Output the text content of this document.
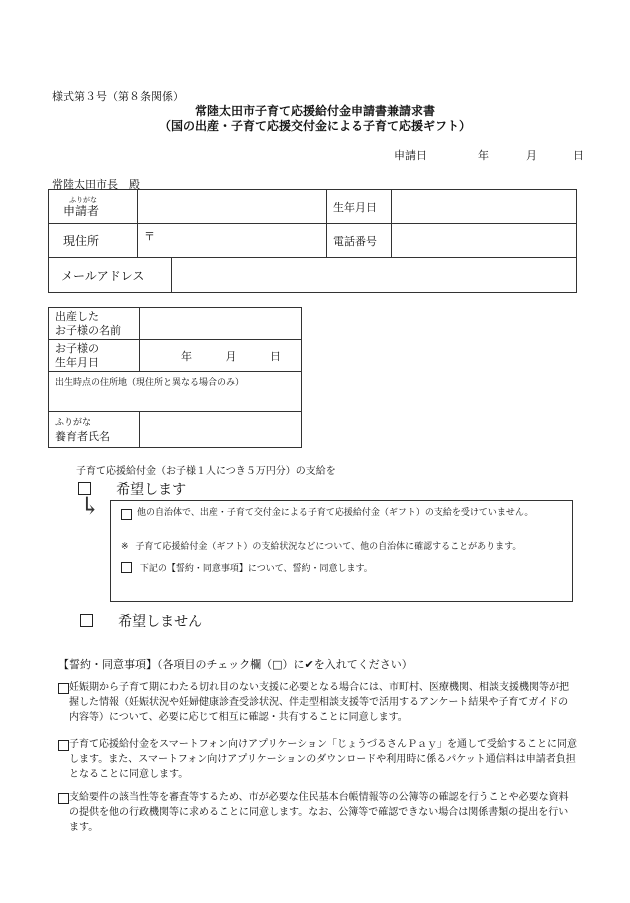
様式第３号（第８条関係）
常陸太田市子育て応援給付金申請書兼請求書
（国の出産・子育て応援交付金による子育て応援ギフト）
申請日	年	月	日
常陸太田市長　殿
ふりがな
申請者		生年月日	
現住所	〒	電話番号	

メールアドレス			
出産した
お子様の名前	

お子様の
生年月日	年 月 日
出生時点の住所地（現住所と異なる場合のみ）	

ふりがな
養育者氏名	

子育て応援給付金（お子様１人につき５万円分）の支給を
希望します
↳	他の自治体で、出産・子育て交付金による子育て応援給付金（ギフト）の支給を受けていません。
※ 子育て応援給付金（ギフト）の支給状況などについて、他の自治体に確認することがあります。
下記の【誓約・同意事項】について、誓約・同意します。
希望しません
【誓約・同意事項】（各項目のチェック欄（□）に✔を入れてください）
妊娠期から子育て期にわたる切れ目のない支援に必要となる場合には、市町村、医療機関、相談支援機関等が把握した情報（妊娠状況や妊婦健康診査受診状況、伴走型相談支援等で活用するアンケート結果や子育てガイドの内容等）について、必要に応じて相互に確認・共有することに同意します。
子育て応援給付金をスマートフォン向けアプリケーション「じょうづるさんＰａｙ」を通して受給することに同意します。また、スマートフォン向けアプリケーションのダウンロードや利用時に係るパケット通信料は申請者負担となることに同意します。
支給要件の該当性等を審査等するため、市が必要な住民基本台帳情報等の公簿等の確認を行うことや必要な資料の提供を他の行政機関等に求めることに同意します。なお、公簿等で確認できない場合は関係書類の提出を行います。
